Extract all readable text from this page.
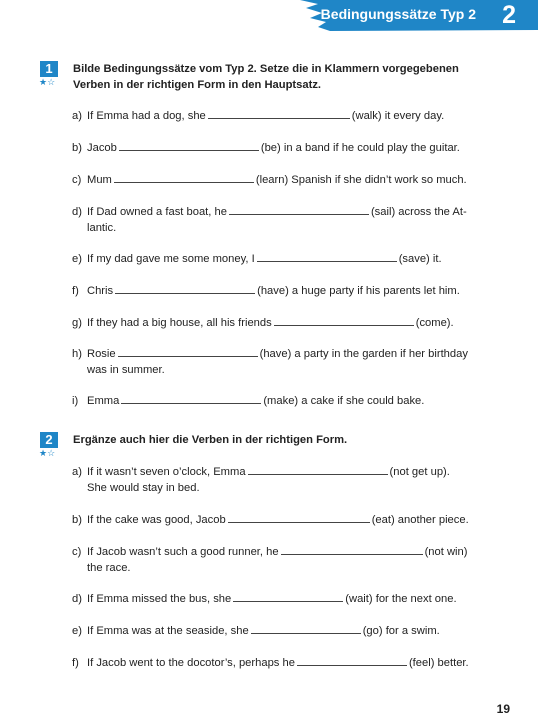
Bedingungssätze Typ 2 2
1
★☆
Bilde Bedingungssätze vom Typ 2. Setze die in Klammern vorgegebenen Verben in der richtigen Form in den Hauptsatz.
a) If Emma had a dog, she	(walk) it every day.
b) Jacob	(be) in a band if he could play the guitar.
c) Mum	(learn) Spanish if she didn’t work so much.
d) If Dad owned a fast boat, he	(sail) across the At-
lantic.
e) If my dad gave me some money, I	(save) it.
f) Chris	(have) a huge party if his parents let him.
g) If they had a big house, all his friends	(come).
h) Rosie	(have) a party in the garden if her birthday
was in summer.
i) Emma	(make) a cake if she could bake.
2
★☆
Ergänze auch hier die Verben in der richtigen Form.
a) If it wasn’t seven o’clock, Emma	(not get up).
She would stay in bed.
b) If the cake was good, Jacob	(eat) another piece.
c) If Jacob wasn’t such a good runner, he	(not win)
the race.
d) If Emma missed the bus, she	(wait) for the next one.
e) If Emma was at the seaside, she	(go) for a swim.
f) If Jacob went to the docotor’s, perhaps he	(feel) better.
19
